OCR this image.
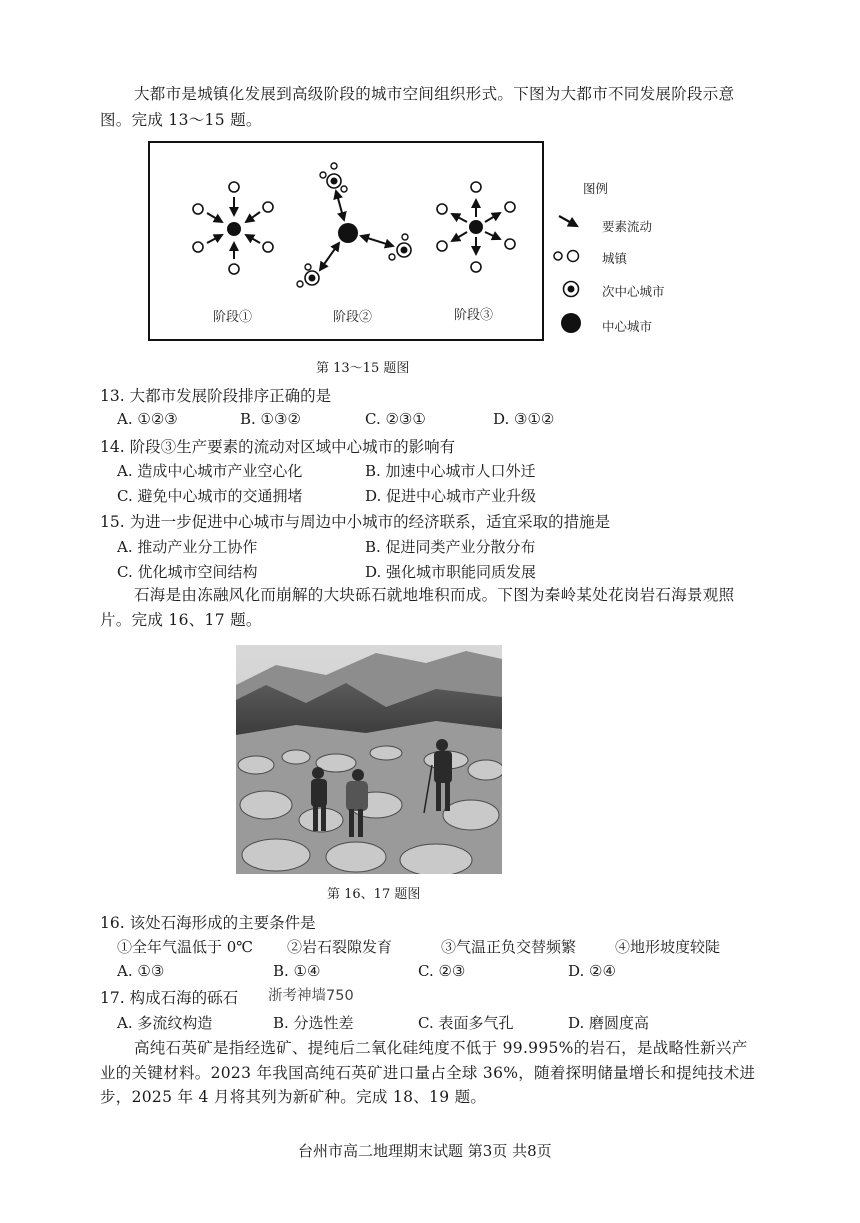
大都市是城镇化发展到高级阶段的城市空间组织形式。下图为大都市不同发展阶段示意
图。完成 13～15 题。
阶段①	阶段②	阶段③
图例
要素流动
城镇
次中心城市
中心城市
第 13～15 题图
13. 大都市发展阶段排序正确的是
A. ①②③	B. ①③②	C. ②③①	D. ③①②
14. 阶段③生产要素的流动对区域中心城市的影响有
A. 造成中心城市产业空心化	B. 加速中心城市人口外迁
C. 避免中心城市的交通拥堵	D. 促进中心城市产业升级
15. 为进一步促进中心城市与周边中小城市的经济联系，适宜采取的措施是
A. 推动产业分工协作	B. 促进同类产业分散分布
C. 优化城市空间结构	D. 强化城市职能同质发展
石海是由冻融风化而崩解的大块砾石就地堆积而成。下图为秦岭某处花岗岩石海景观照
片。完成 16、17 题。
第 16、17 题图
16. 该处石海形成的主要条件是
①全年气温低于 0℃ ②岩石裂隙发育	③气温正负交替频繁	④地形坡度较陡
A. ①③	B. ①④	C. ②③	D. ②④
17. 构成石海的砾石 浙考神墙750
A. 多流纹构造	B. 分选性差	C. 表面多气孔	D. 磨圆度高
高纯石英矿是指经选矿、提纯后二氧化硅纯度不低于 99.995%的岩石，是战略性新兴产
业的关键材料。2023 年我国高纯石英矿进口量占全球 36%，随着探明储量增长和提纯技术进
步，2025 年 4 月将其列为新矿种。完成 18、19 题。
台州市高二地理期末试题 第3页 共8页
